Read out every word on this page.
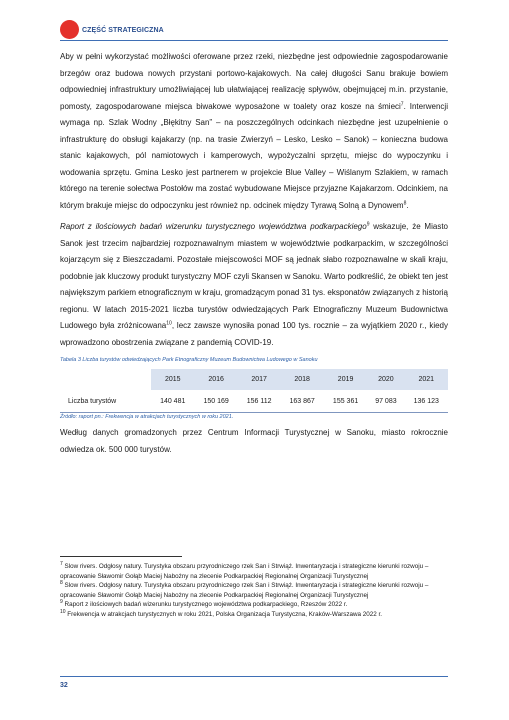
CZĘŚĆ STRATEGICZNA

Aby w pełni wykorzystać możliwości oferowane przez rzeki, niezbędne jest odpowiednie zagospodarowanie brzegów oraz budowa nowych przystani portowo-kajakowych. Na całej długości Sanu brakuje bowiem odpowiedniej infrastruktury umożliwiającej lub ułatwiającej realizację spływów, obejmującej m.in. przystanie, pomosty, zagospodarowane miejsca biwakowe wyposażone w toalety oraz kosze na śmieci$^7$. Interwencji wymaga np. Szlak Wodny „Błękitny San” – na poszczególnych odcinkach niezbędne jest uzupełnienie o infrastrukturę do obsługi kajakarzy (np. na trasie Zwierzyń – Lesko, Lesko – Sanok) – konieczna budowa stanic kajakowych, pól namiotowych i kamperowych, wypożyczalni sprzętu, miejsc do wypoczynku i wodowania sprzętu. Gmina Lesko jest partnerem w projekcie Blue Valley – Wiślanym Szlakiem, w ramach którego na terenie sołectwa Postołów ma zostać wybudowane Miejsce przyjazne Kajakarzom. Odcinkiem, na którym brakuje miejsc do odpoczynku jest również np. odcinek między Tyrawą Solną a Dynowem$^8$.

Raport z ilościowych badań wizerunku turystycznego województwa podkarpackiego$^9$ wskazuje, że Miasto Sanok jest trzecim najbardziej rozpoznawalnym miastem w województwie podkarpackim, w szczególności kojarzącym się z Bieszczadami. Pozostałe miejscowości MOF są jednak słabo rozpoznawalne w skali kraju, podobnie jak kluczowy produkt turystyczny MOF czyli Skansen w Sanoku. Warto podkreślić, że obiekt ten jest największym parkiem etnograficznym w kraju, gromadzącym ponad 31 tys. eksponatów związanych z historią regionu. W latach 2015-2021 liczba turystów odwiedzających Park Etnograficzny Muzeum Budownictwa Ludowego była zróżnicowana$^{10}$, lecz zawsze wynosiła ponad 100 tys. rocznie – za wyjątkiem 2020 r., kiedy wprowadzono obostrzenia związane z pandemią COVID-19.

Tabela 3 Liczba turystów odwiedzających Park Etnograficzny Muzeum Budownictwa Ludowego w Sanoku
	2015	2016	2017	2018	2019	2020	2021
Liczba turystów	140 481	150 169	156 112	163 867	155 361	97 083	136 123
Źródło: raport pn.: Frekwencja w atrakcjach turystycznych w roku 2021.

Według danych gromadzonych przez Centrum Informacji Turystycznej w Sanoku, miasto rokrocznie odwiedza ok. 500 000 turystów.

$^7$ Slow rivers. Odgłosy natury. Turystyka obszaru przyrodniczego rzek San i Strwiąż. Inwentaryzacja i strategiczne kierunki rozwoju – opracowanie Sławomir Gołąb Maciej Nabożny na zlecenie Podkarpackiej Regionalnej Organizacji Turystycznej

$^8$ Slow rivers. Odgłosy natury. Turystyka obszaru przyrodniczego rzek San i Strwiąż. Inwentaryzacja i strategiczne kierunki rozwoju – opracowanie Sławomir Gołąb Maciej Nabożny na zlecenie Podkarpackiej Regionalnej Organizacji Turystycznej

$^9$ Raport z ilościowych badań wizerunku turystycznego województwa podkarpackiego, Rzeszów 2022 r.

$^{10}$ Frekwencja w atrakcjach turystycznych w roku 2021, Polska Organizacja Turystyczna, Kraków-Warszawa 2022 r.

32
